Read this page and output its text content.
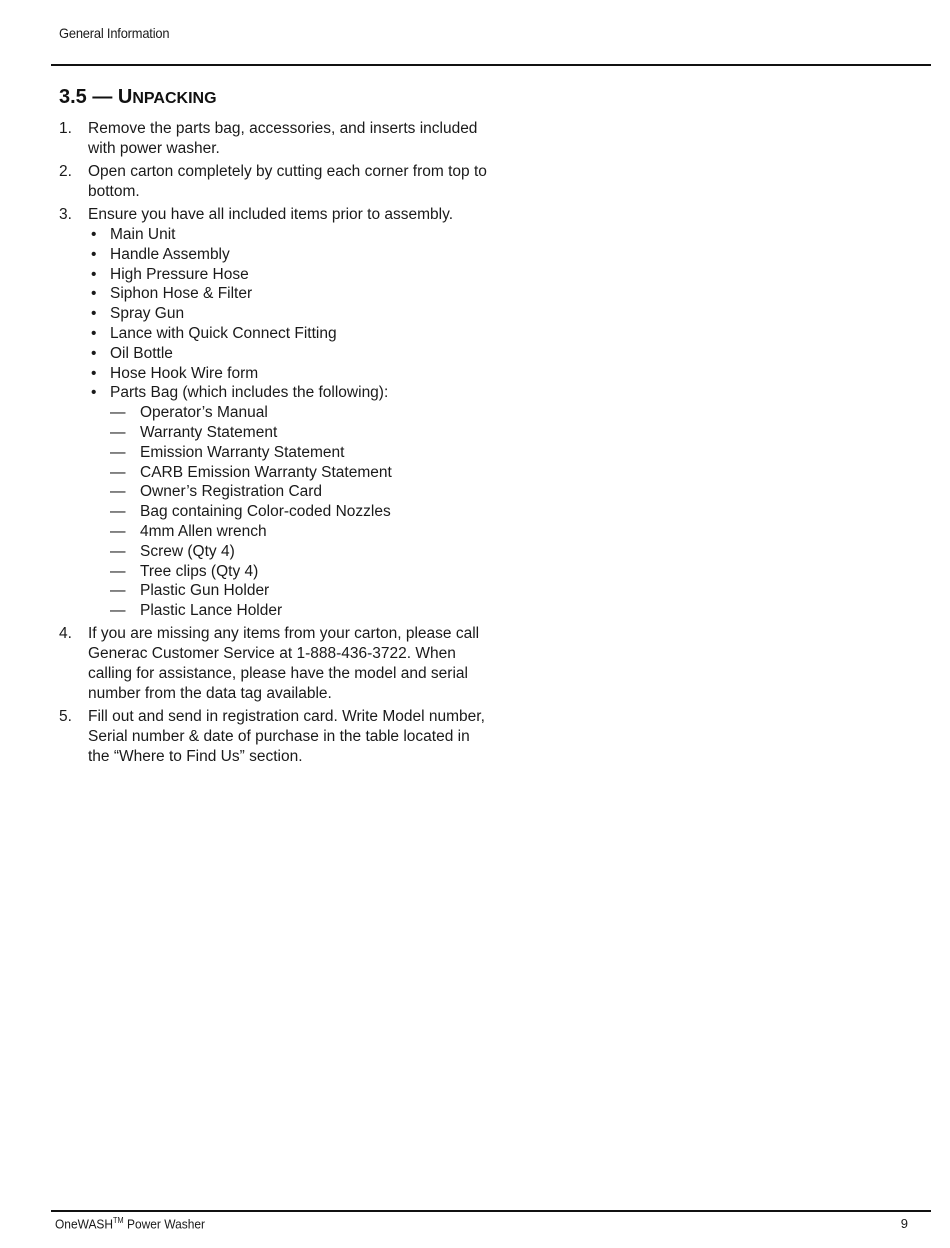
General Information
3.5 — UNPACKING
1. Remove the parts bag, accessories, and inserts included with power washer.
2. Open carton completely by cutting each corner from top to bottom.
3. Ensure you have all included items prior to assembly.
• Main Unit
• Handle Assembly
• High Pressure Hose
• Siphon Hose & Filter
• Spray Gun
• Lance with Quick Connect Fitting
• Oil Bottle
• Hose Hook Wire form
• Parts Bag (which includes the following):
— Operator’s Manual
— Warranty Statement
— Emission Warranty Statement
— CARB Emission Warranty Statement
— Owner’s Registration Card
— Bag containing Color-coded Nozzles
— 4mm Allen wrench
— Screw (Qty 4)
— Tree clips (Qty 4)
— Plastic Gun Holder
— Plastic Lance Holder
4. If you are missing any items from your carton, please call Generac Customer Service at 1-888-436-3722. When calling for assistance, please have the model and serial number from the data tag available.
5. Fill out and send in registration card. Write Model number, Serial number & date of purchase in the table located in the “Where to Find Us” section.
OneWASH™ Power Washer	9
